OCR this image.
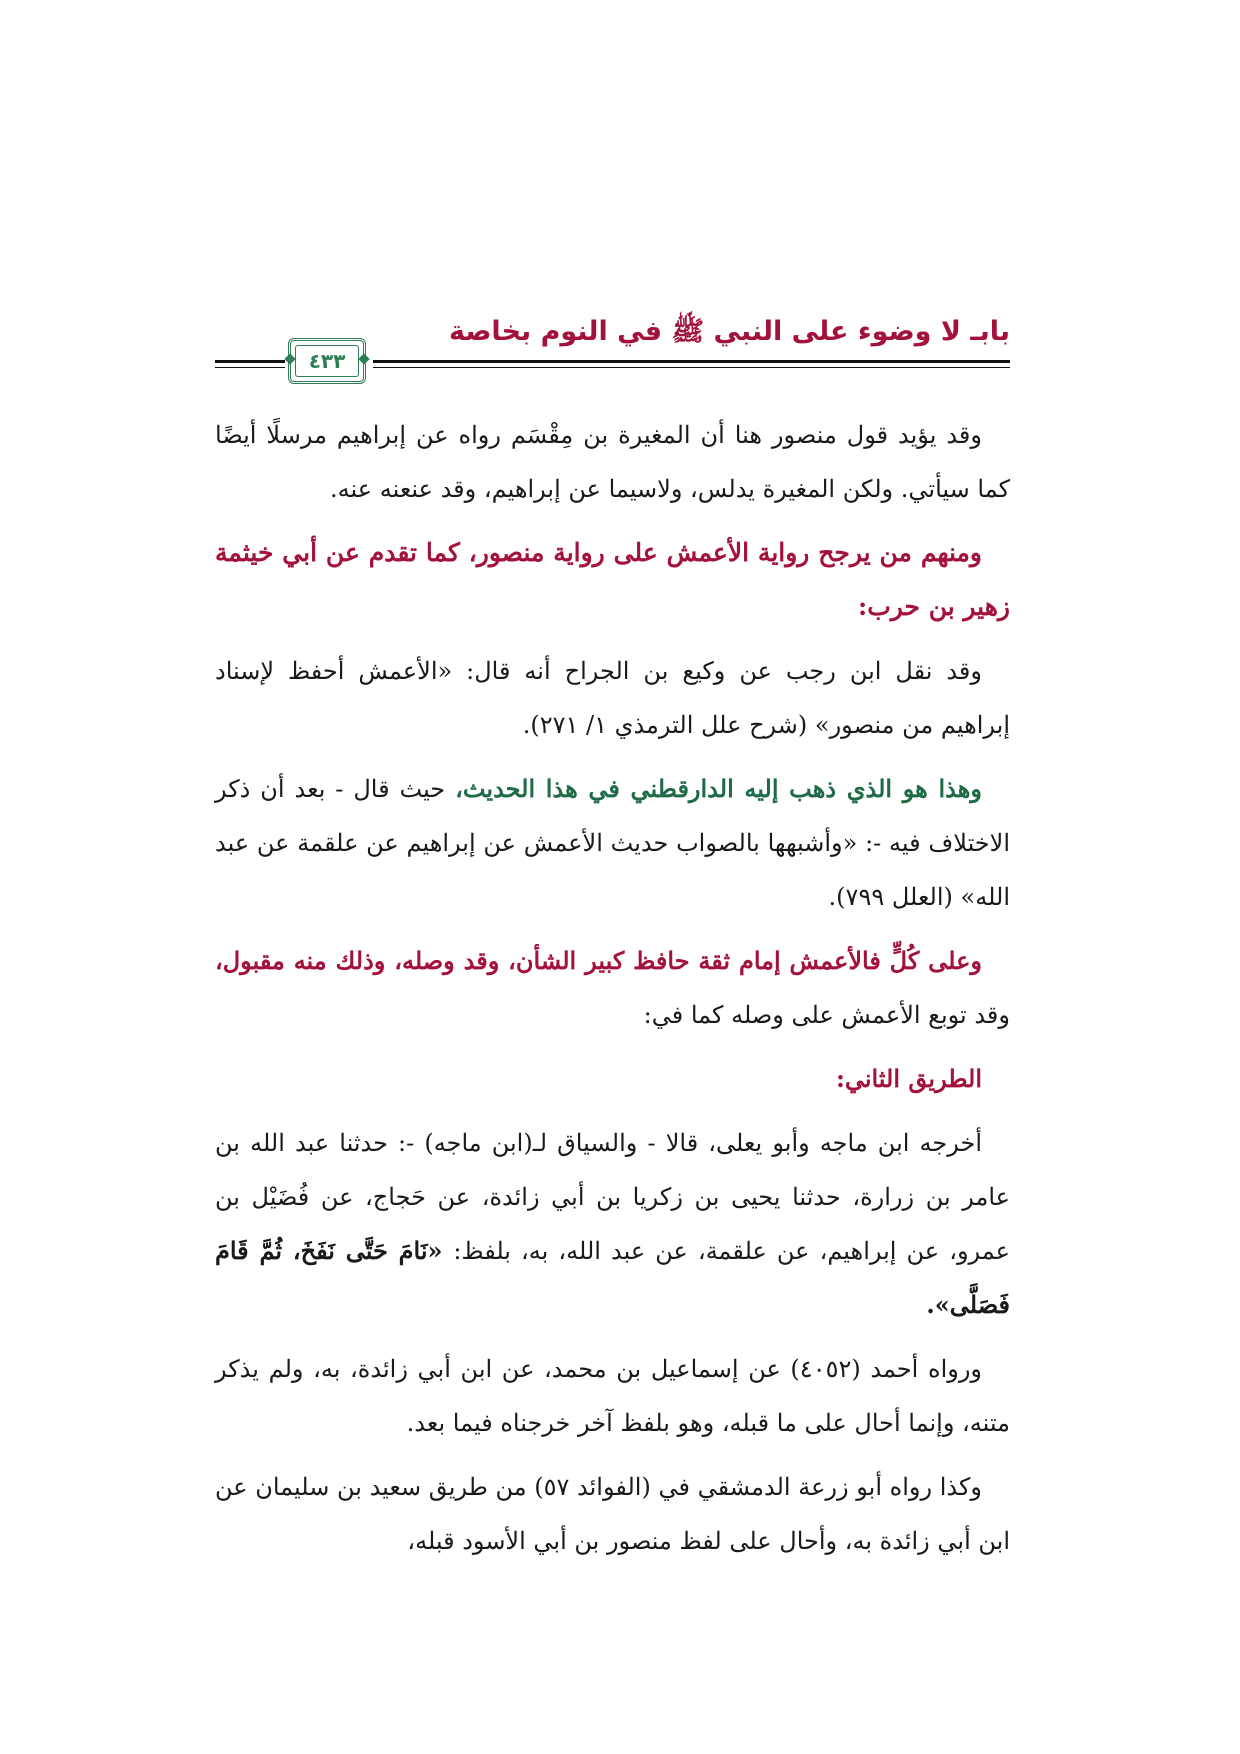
بابـ لا وضوء على النبي ﷺ في النوم بخاصة
٤٣٣

وقد يؤيد قول منصور هنا أن المغيرة بن مِقْسَم رواه عن إبراهيم مرسلًا أيضًا كما سيأتي. ولكن المغيرة يدلس، ولاسيما عن إبراهيم، وقد عنعنه عنه.

ومنهم من يرجح رواية الأعمش على رواية منصور، كما تقدم عن أبي خيثمة زهير بن حرب:

وقد نقل ابن رجب عن وكيع بن الجراح أنه قال: «الأعمش أحفظ لإسناد إبراهيم من منصور» (شرح علل الترمذي ١/ ٢٧١).

وهذا هو الذي ذهب إليه الدارقطني في هذا الحديث، حيث قال - بعد أن ذكر الاختلاف فيه -: «وأشبهها بالصواب حديث الأعمش عن إبراهيم عن علقمة عن عبد الله» (العلل ٧٩٩).

وعلى كُلٍّ فالأعمش إمام ثقة حافظ كبير الشأن، وقد وصله، وذلك منه مقبول، وقد توبع الأعمش على وصله كما في:

الطريق الثاني:

أخرجه ابن ماجه وأبو يعلى، قالا - والسياق لـ(ابن ماجه) -: حدثنا عبد الله بن عامر بن زرارة، حدثنا يحيى بن زكريا بن أبي زائدة، عن حَجاج، عن فُضَيْل بن عمرو، عن إبراهيم، عن علقمة، عن عبد الله، به، بلفظ: «نَامَ حَتَّى نَفَخَ، ثُمَّ قَامَ فَصَلَّى».

ورواه أحمد (٤٠٥٢) عن إسماعيل بن محمد، عن ابن أبي زائدة، به، ولم يذكر متنه، وإنما أحال على ما قبله، وهو بلفظ آخر خرجناه فيما بعد.

وكذا رواه أبو زرعة الدمشقي في (الفوائد ٥٧) من طريق سعيد بن سليمان عن ابن أبي زائدة به، وأحال على لفظ منصور بن أبي الأسود قبله،
